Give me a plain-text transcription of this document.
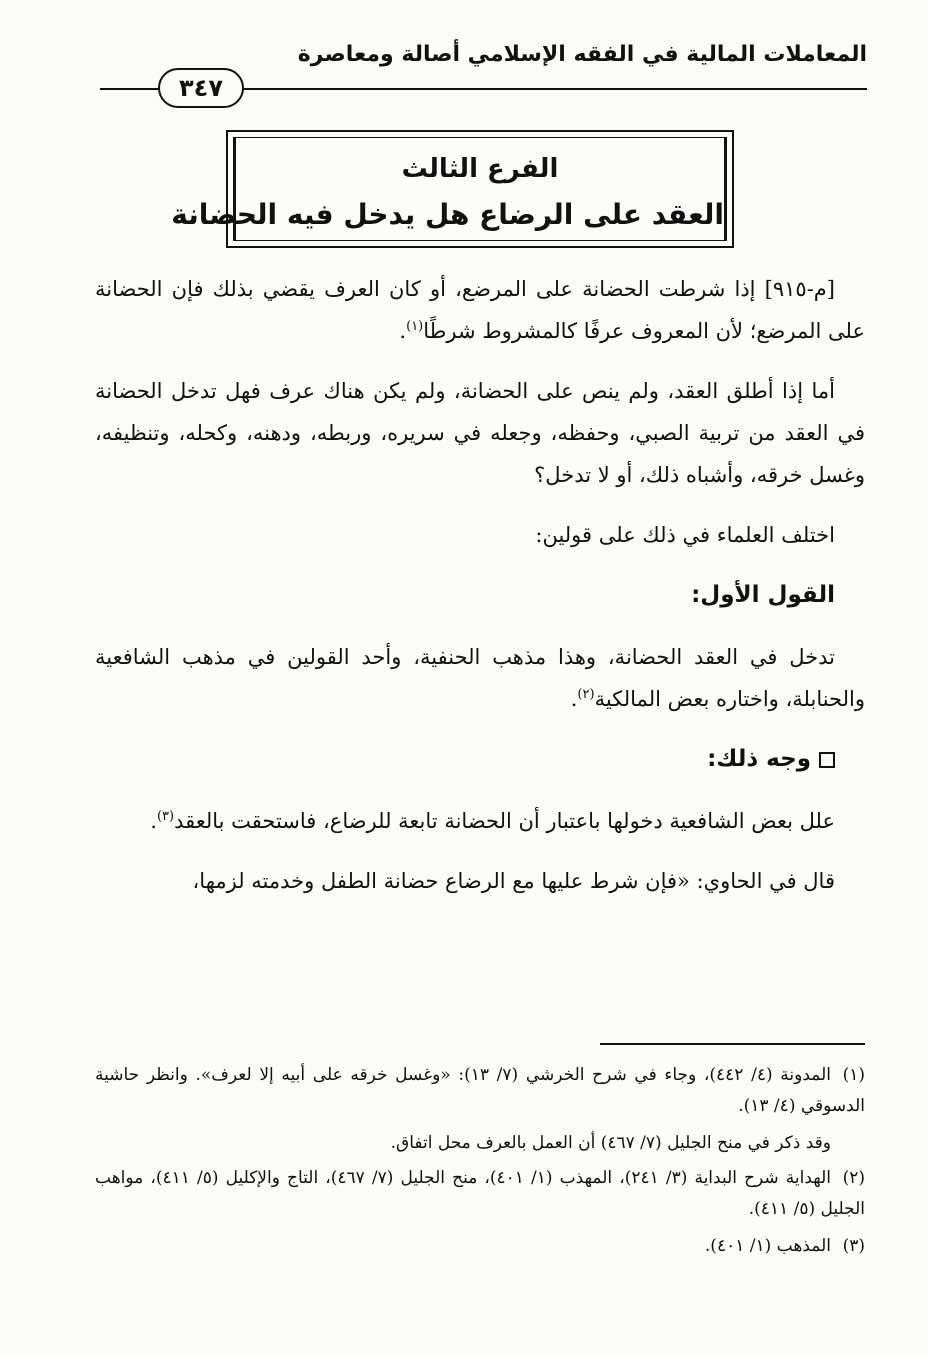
المعاملات المالية في الفقه الإسلامي أصالة ومعاصرة
٣٤٧
الفرع الثالث
العقد على الرضاع هل يدخل فيه الحضانة

[م-٩١٥] إذا شرطت الحضانة على المرضع، أو كان العرف يقضي بذلك فإن الحضانة على المرضع؛ لأن المعروف عرفًا كالمشروط شرطًا$^{(١)}$.

أما إذا أطلق العقد، ولم ينص على الحضانة، ولم يكن هناك عرف فهل تدخل الحضانة في العقد من تربية الصبي، وحفظه، وجعله في سريره، وربطه، ودهنه، وكحله، وتنظيفه، وغسل خرقه، وأشباه ذلك، أو لا تدخل؟

اختلف العلماء في ذلك على قولين:

القول الأول:

تدخل في العقد الحضانة، وهذا مذهب الحنفية، وأحد القولين في مذهب الشافعية والحنابلة، واختاره بعض المالكية$^{(٢)}$.

وجه ذلك:

علل بعض الشافعية دخولها باعتبار أن الحضانة تابعة للرضاع، فاستحقت بالعقد$^{(٣)}$.

قال في الحاوي: «فإن شرط عليها مع الرضاع حضانة الطفل وخدمته لزمها،

(١)المدونة (٤/ ٤٤٢)، وجاء في شرح الخرشي (٧/ ١٣): «وغسل خرقه على أبيه إلا لعرف». وانظر حاشية الدسوقي (٤/ ١٣).
وقد ذكر في منح الجليل (٧/ ٤٦٧) أن العمل بالعرف محل اتفاق.
(٢)الهداية شرح البداية (٣/ ٢٤١)، المهذب (١/ ٤٠١)، منح الجليل (٧/ ٤٦٧)، التاج والإكليل (٥/ ٤١١)، مواهب الجليل (٥/ ٤١١).
(٣)المذهب (١/ ٤٠١).
